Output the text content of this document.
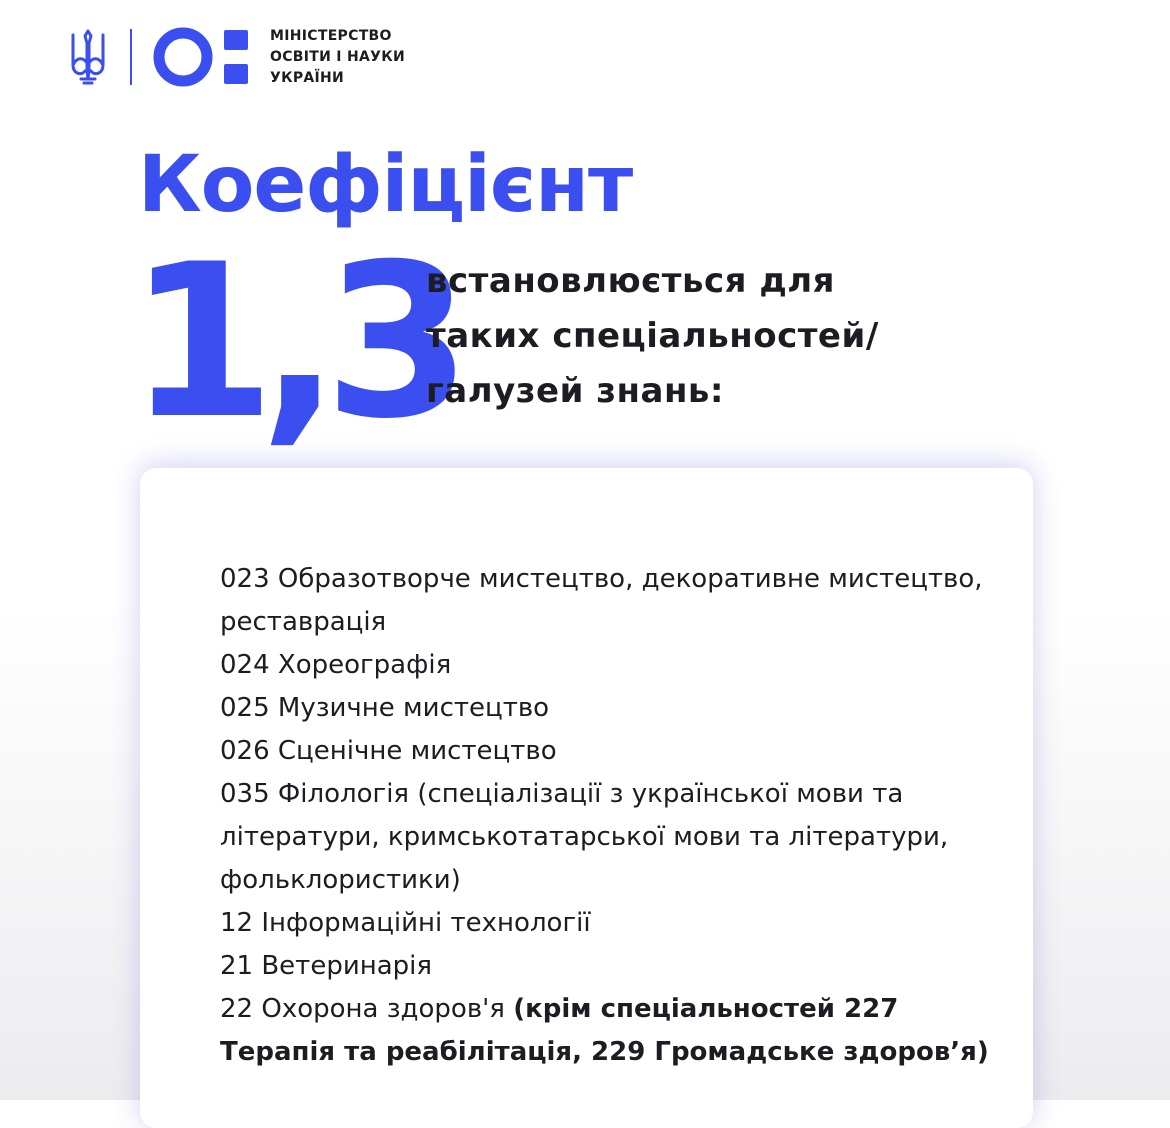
МІНІСТЕРСТВО
ОСВІТИ І НАУКИ
УКРАЇНИ
Коефіцієнт
1,3
встановлюється для
таких спеціальностей/
галузей знань:
023 Образотворче мистецтво, декоративне мистецтво, реставрація
024 Хореографія
025 Музичне мистецтво
026 Сценічне мистецтво
035 Філологія (спеціалізації з української мови та літератури, кримськотатарської мови та літератури, фольклористики)
12 Інформаційні технології
21 Ветеринарія
22 Охорона здоров'я (крім спеціальностей 227 Терапія та реабілітація, 229 Громадське здоров’я)
